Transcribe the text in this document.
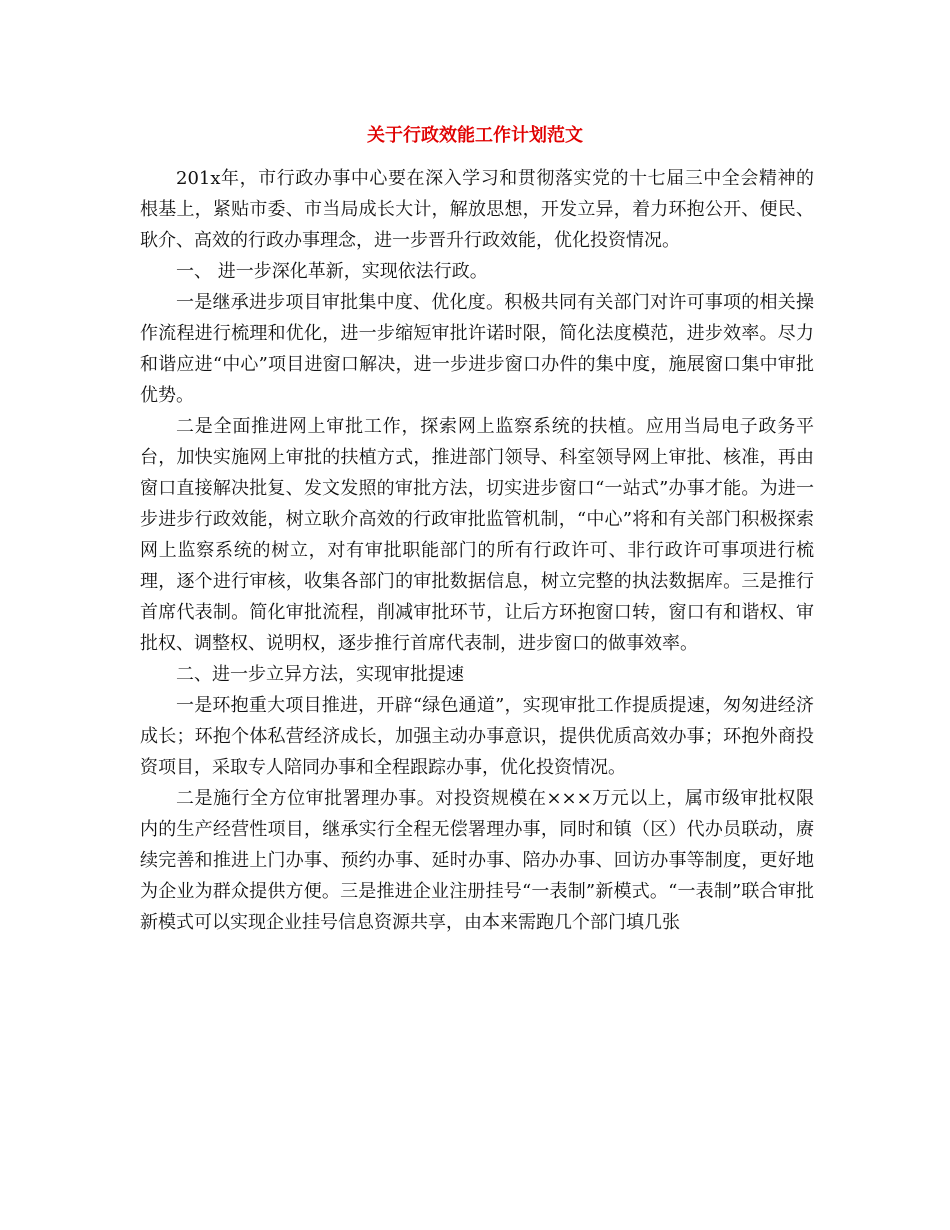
关于行政效能工作计划范文

201x年，市行政办事中心要在深入学习和贯彻落实党的十七届三中全会精神的根基上，紧贴市委、市当局成长大计，解放思想，开发立异，着力环抱公开、便民、耿介、高效的行政办事理念，进一步晋升行政效能，优化投资情况。

一、 进一步深化革新，实现依法行政。

一是继承进步项目审批集中度、优化度。积极共同有关部门对许可事项的相关操作流程进行梳理和优化，进一步缩短审批许诺时限，简化法度模范，进步效率。尽力和谐应进“中心”项目进窗口解决，进一步进步窗口办件的集中度，施展窗口集中审批优势。

二是全面推进网上审批工作，探索网上监察系统的扶植。应用当局电子政务平台，加快实施网上审批的扶植方式，推进部门领导、科室领导网上审批、核准，再由窗口直接解决批复、发文发照的审批方法，切实进步窗口“一站式”办事才能。为进一步进步行政效能，树立耿介高效的行政审批监管机制，“中心”将和有关部门积极探索网上监察系统的树立，对有审批职能部门的所有行政许可、非行政许可事项进行梳理，逐个进行审核，收集各部门的审批数据信息，树立完整的执法数据库。三是推行首席代表制。简化审批流程，削减审批环节，让后方环抱窗口转，窗口有和谐权、审批权、调整权、说明权，逐步推行首席代表制，进步窗口的做事效率。

二、进一步立异方法，实现审批提速

一是环抱重大项目推进，开辟“绿色通道”，实现审批工作提质提速，匆匆进经济成长；环抱个体私营经济成长，加强主动办事意识，提供优质高效办事；环抱外商投资项目，采取专人陪同办事和全程跟踪办事，优化投资情况。

二是施行全方位审批署理办事。对投资规模在×××万元以上，属市级审批权限内的生产经营性项目，继承实行全程无偿署理办事，同时和镇（区）代办员联动，赓续完善和推进上门办事、预约办事、延时办事、陪办办事、回访办事等制度，更好地为企业为群众提供方便。三是推进企业注册挂号“一表制”新模式。“一表制”联合审批新模式可以实现企业挂号信息资源共享，由本来需跑几个部门填几张
